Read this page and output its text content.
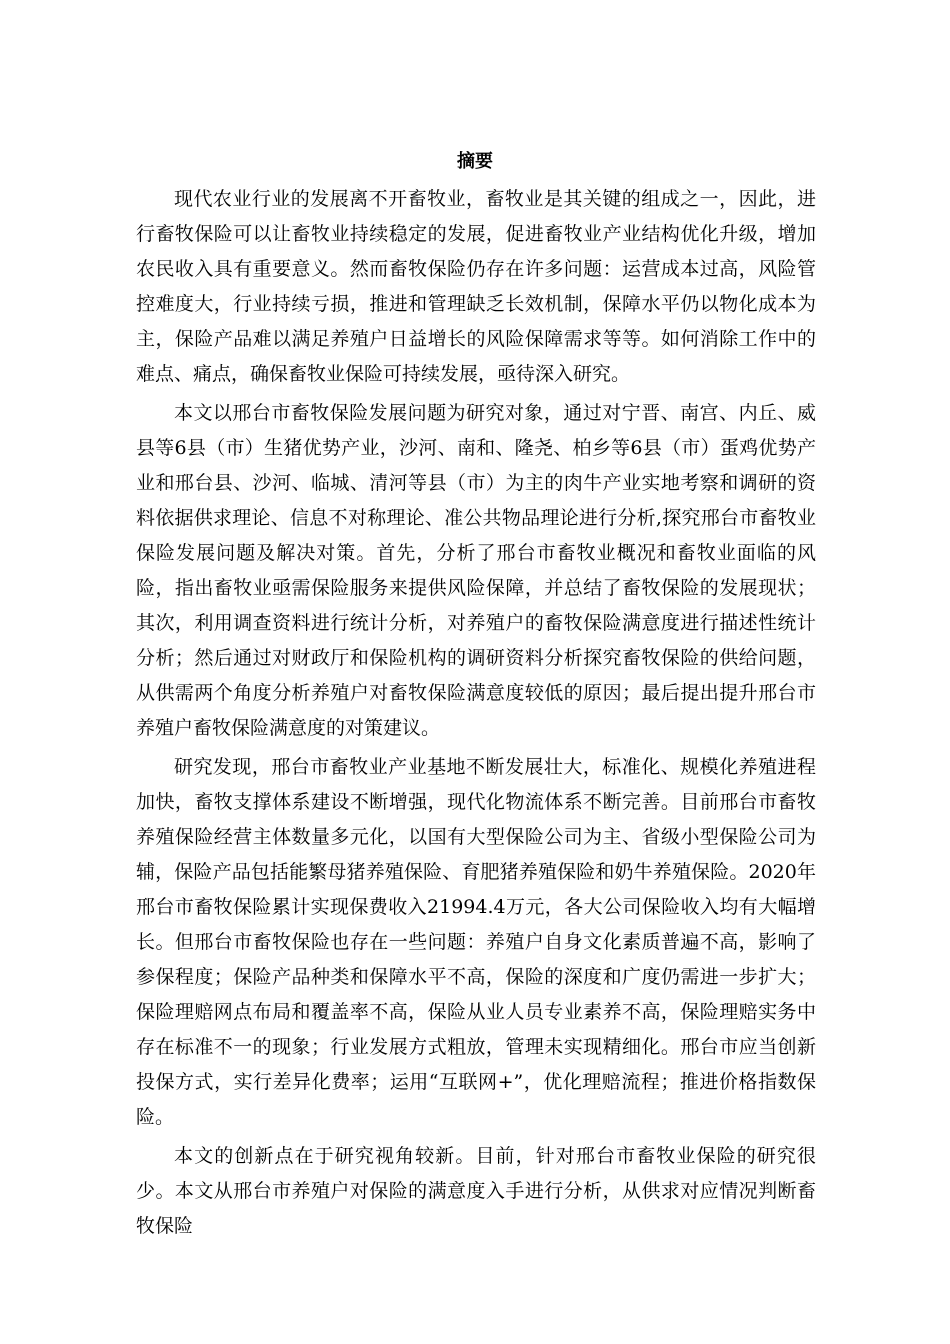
摘要

现代农业行业的发展离不开畜牧业，畜牧业是其关键的组成之一，因此，进行畜牧保险可以让畜牧业持续稳定的发展，促进畜牧业产业结构优化升级，增加农民收入具有重要意义。然而畜牧保险仍存在许多问题：运营成本过高，风险管控难度大，行业持续亏损，推进和管理缺乏长效机制，保障水平仍以物化成本为主，保险产品难以满足养殖户日益增长的风险保障需求等等。如何消除工作中的难点、痛点，确保畜牧业保险可持续发展，亟待深入研究。

本文以邢台市畜牧保险发展问题为研究对象，通过对宁晋、南宫、内丘、威县等6县（市）生猪优势产业，沙河、南和、隆尧、柏乡等6县（市）蛋鸡优势产业和邢台县、沙河、临城、清河等县（市）为主的肉牛产业实地考察和调研的资料依据供求理论、信息不对称理论、准公共物品理论进行分析,探究邢台市畜牧业保险发展问题及解决对策。首先，分析了邢台市畜牧业概况和畜牧业面临的风险，指出畜牧业亟需保险服务来提供风险保障，并总结了畜牧保险的发展现状；其次，利用调查资料进行统计分析，对养殖户的畜牧保险满意度进行描述性统计分析；然后通过对财政厅和保险机构的调研资料分析探究畜牧保险的供给问题，从供需两个角度分析养殖户对畜牧保险满意度较低的原因；最后提出提升邢台市养殖户畜牧保险满意度的对策建议。

研究发现，邢台市畜牧业产业基地不断发展壮大，标准化、规模化养殖进程加快，畜牧支撑体系建设不断增强，现代化物流体系不断完善。目前邢台市畜牧养殖保险经营主体数量多元化，以国有大型保险公司为主、省级小型保险公司为辅，保险产品包括能繁母猪养殖保险、育肥猪养殖保险和奶牛养殖保险。2020年邢台市畜牧保险累计实现保费收入21994.4万元，各大公司保险收入均有大幅增长。但邢台市畜牧保险也存在一些问题：养殖户自身文化素质普遍不高，影响了参保程度；保险产品种类和保障水平不高，保险的深度和广度仍需进一步扩大；保险理赔网点布局和覆盖率不高，保险从业人员专业素养不高，保险理赔实务中存在标准不一的现象；行业发展方式粗放，管理未实现精细化。邢台市应当创新投保方式，实行差异化费率；运用“互联网+”，优化理赔流程；推进价格指数保险。

本文的创新点在于研究视角较新。目前，针对邢台市畜牧业保险的研究很少。本文从邢台市养殖户对保险的满意度入手进行分析，从供求对应情况判断畜牧保险
